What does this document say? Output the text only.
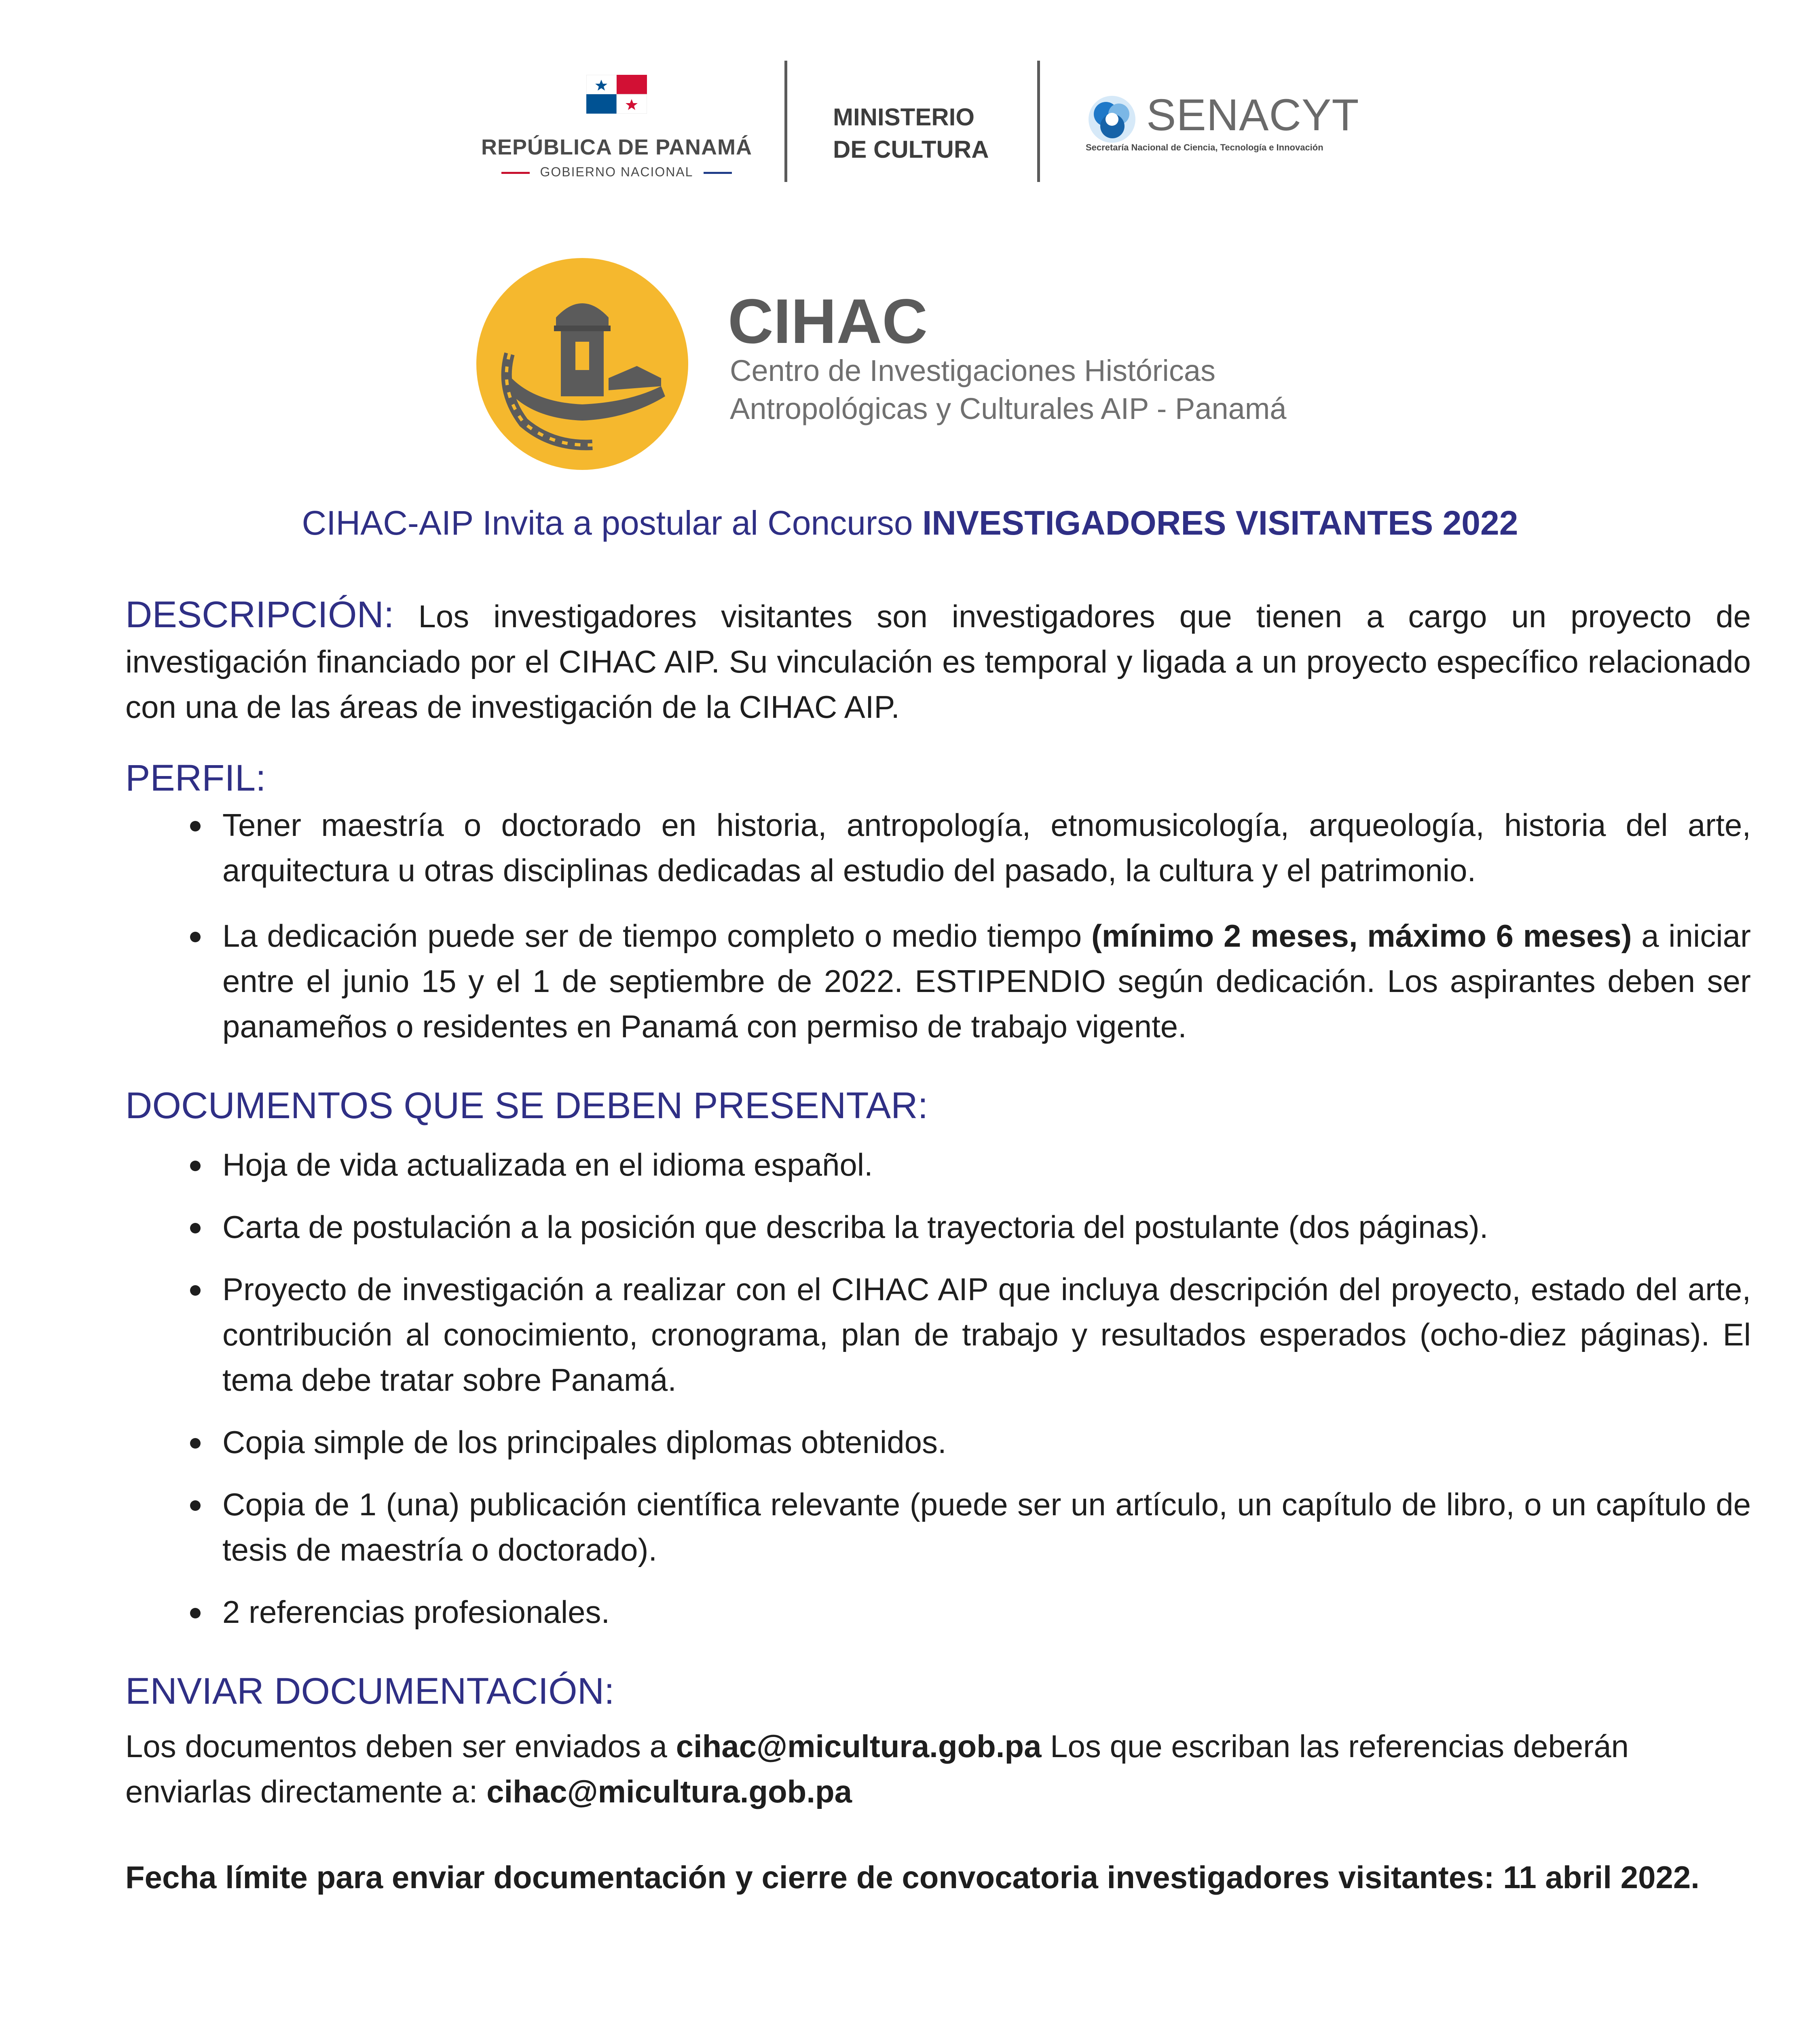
REPÚBLICA DE PANAMÁ
GOBIERNO NACIONAL
MINISTERIO
DE CULTURA
SENACYT
Secretaría Nacional de Ciencia, Tecnología e Innovación
CIHAC
Centro de Investigaciones Históricas
Antropológicas y Culturales AIP - Panamá
CIHAC-AIP Invita a postular al Concurso INVESTIGADORES VISITANTES 2022
DESCRIPCIÓN: Los investigadores visitantes son investigadores que tienen a cargo un proyecto de investigación financiado por el CIHAC AIP. Su vinculación es temporal y ligada a un proyecto específico relacionado con una de las áreas de investigación de la CIHAC AIP.
PERFIL:
Tener maestría o doctorado en historia, antropología, etnomusicología, arqueología, historia del arte, arquitectura u otras disciplinas dedicadas al estudio del pasado, la cultura y el patrimonio.
La dedicación puede ser de tiempo completo o medio tiempo (mínimo 2 meses, máximo 6 meses) a iniciar entre el junio 15 y el 1 de septiembre de 2022. ESTIPENDIO según dedicación. Los aspirantes deben ser panameños o residentes en Panamá con permiso de trabajo vigente.
DOCUMENTOS QUE SE DEBEN PRESENTAR:
Hoja de vida actualizada en el idioma español.
Carta de postulación a la posición que describa la trayectoria del postulante (dos páginas).
Proyecto de investigación a realizar con el CIHAC AIP que incluya descripción del proyecto, estado del arte, contribución al conocimiento, cronograma, plan de trabajo y resultados esperados (ocho-diez páginas). El tema debe tratar sobre Panamá.
Copia simple de los principales diplomas obtenidos.
Copia de 1 (una) publicación científica relevante (puede ser un artículo, un capítulo de libro, o un capítulo de tesis de maestría o doctorado).
2 referencias profesionales.
ENVIAR DOCUMENTACIÓN:
Los documentos deben ser enviados a cihac@micultura.gob.pa Los que escriban las referencias deberán enviarlas directamente a: cihac@micultura.gob.pa
Fecha límite para enviar documentación y cierre de convocatoria investigadores visitantes: 11 abril 2022.
